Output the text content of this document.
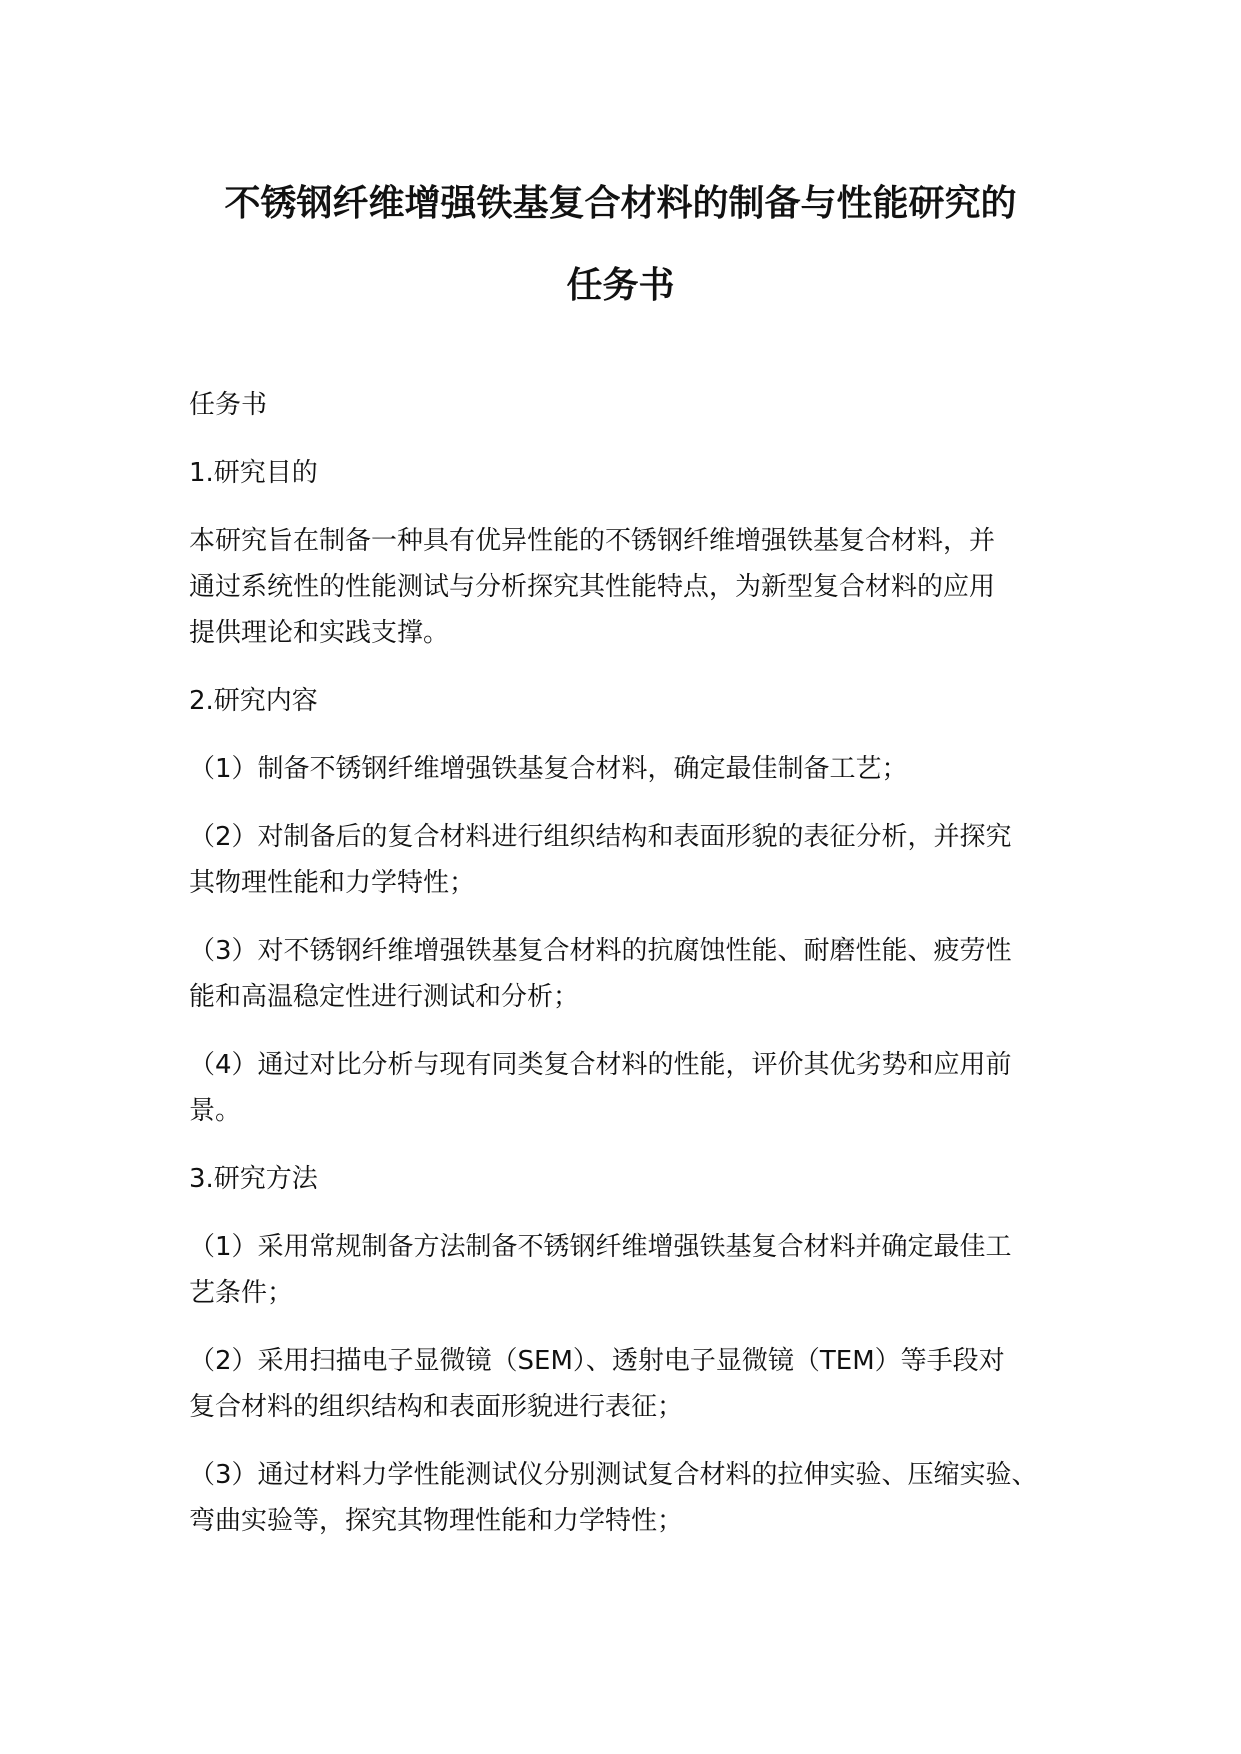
不锈钢纤维增强铁基复合材料的制备与性能研究的
任务书

任务书

1.研究目的

本研究旨在制备一种具有优异性能的不锈钢纤维增强铁基复合材料，并
通过系统性的性能测试与分析探究其性能特点，为新型复合材料的应用
提供理论和实践支撑。

2.研究内容

（1）制备不锈钢纤维增强铁基复合材料，确定最佳制备工艺；

（2）对制备后的复合材料进行组织结构和表面形貌的表征分析，并探究
其物理性能和力学特性；

（3）对不锈钢纤维增强铁基复合材料的抗腐蚀性能、耐磨性能、疲劳性
能和高温稳定性进行测试和分析；

（4）通过对比分析与现有同类复合材料的性能，评价其优劣势和应用前
景。

3.研究方法

（1）采用常规制备方法制备不锈钢纤维增强铁基复合材料并确定最佳工
艺条件；

（2）采用扫描电子显微镜（SEM）、透射电子显微镜（TEM）等手段对
复合材料的组织结构和表面形貌进行表征；

（3）通过材料力学性能测试仪分别测试复合材料的拉伸实验、压缩实验、
弯曲实验等，探究其物理性能和力学特性；
